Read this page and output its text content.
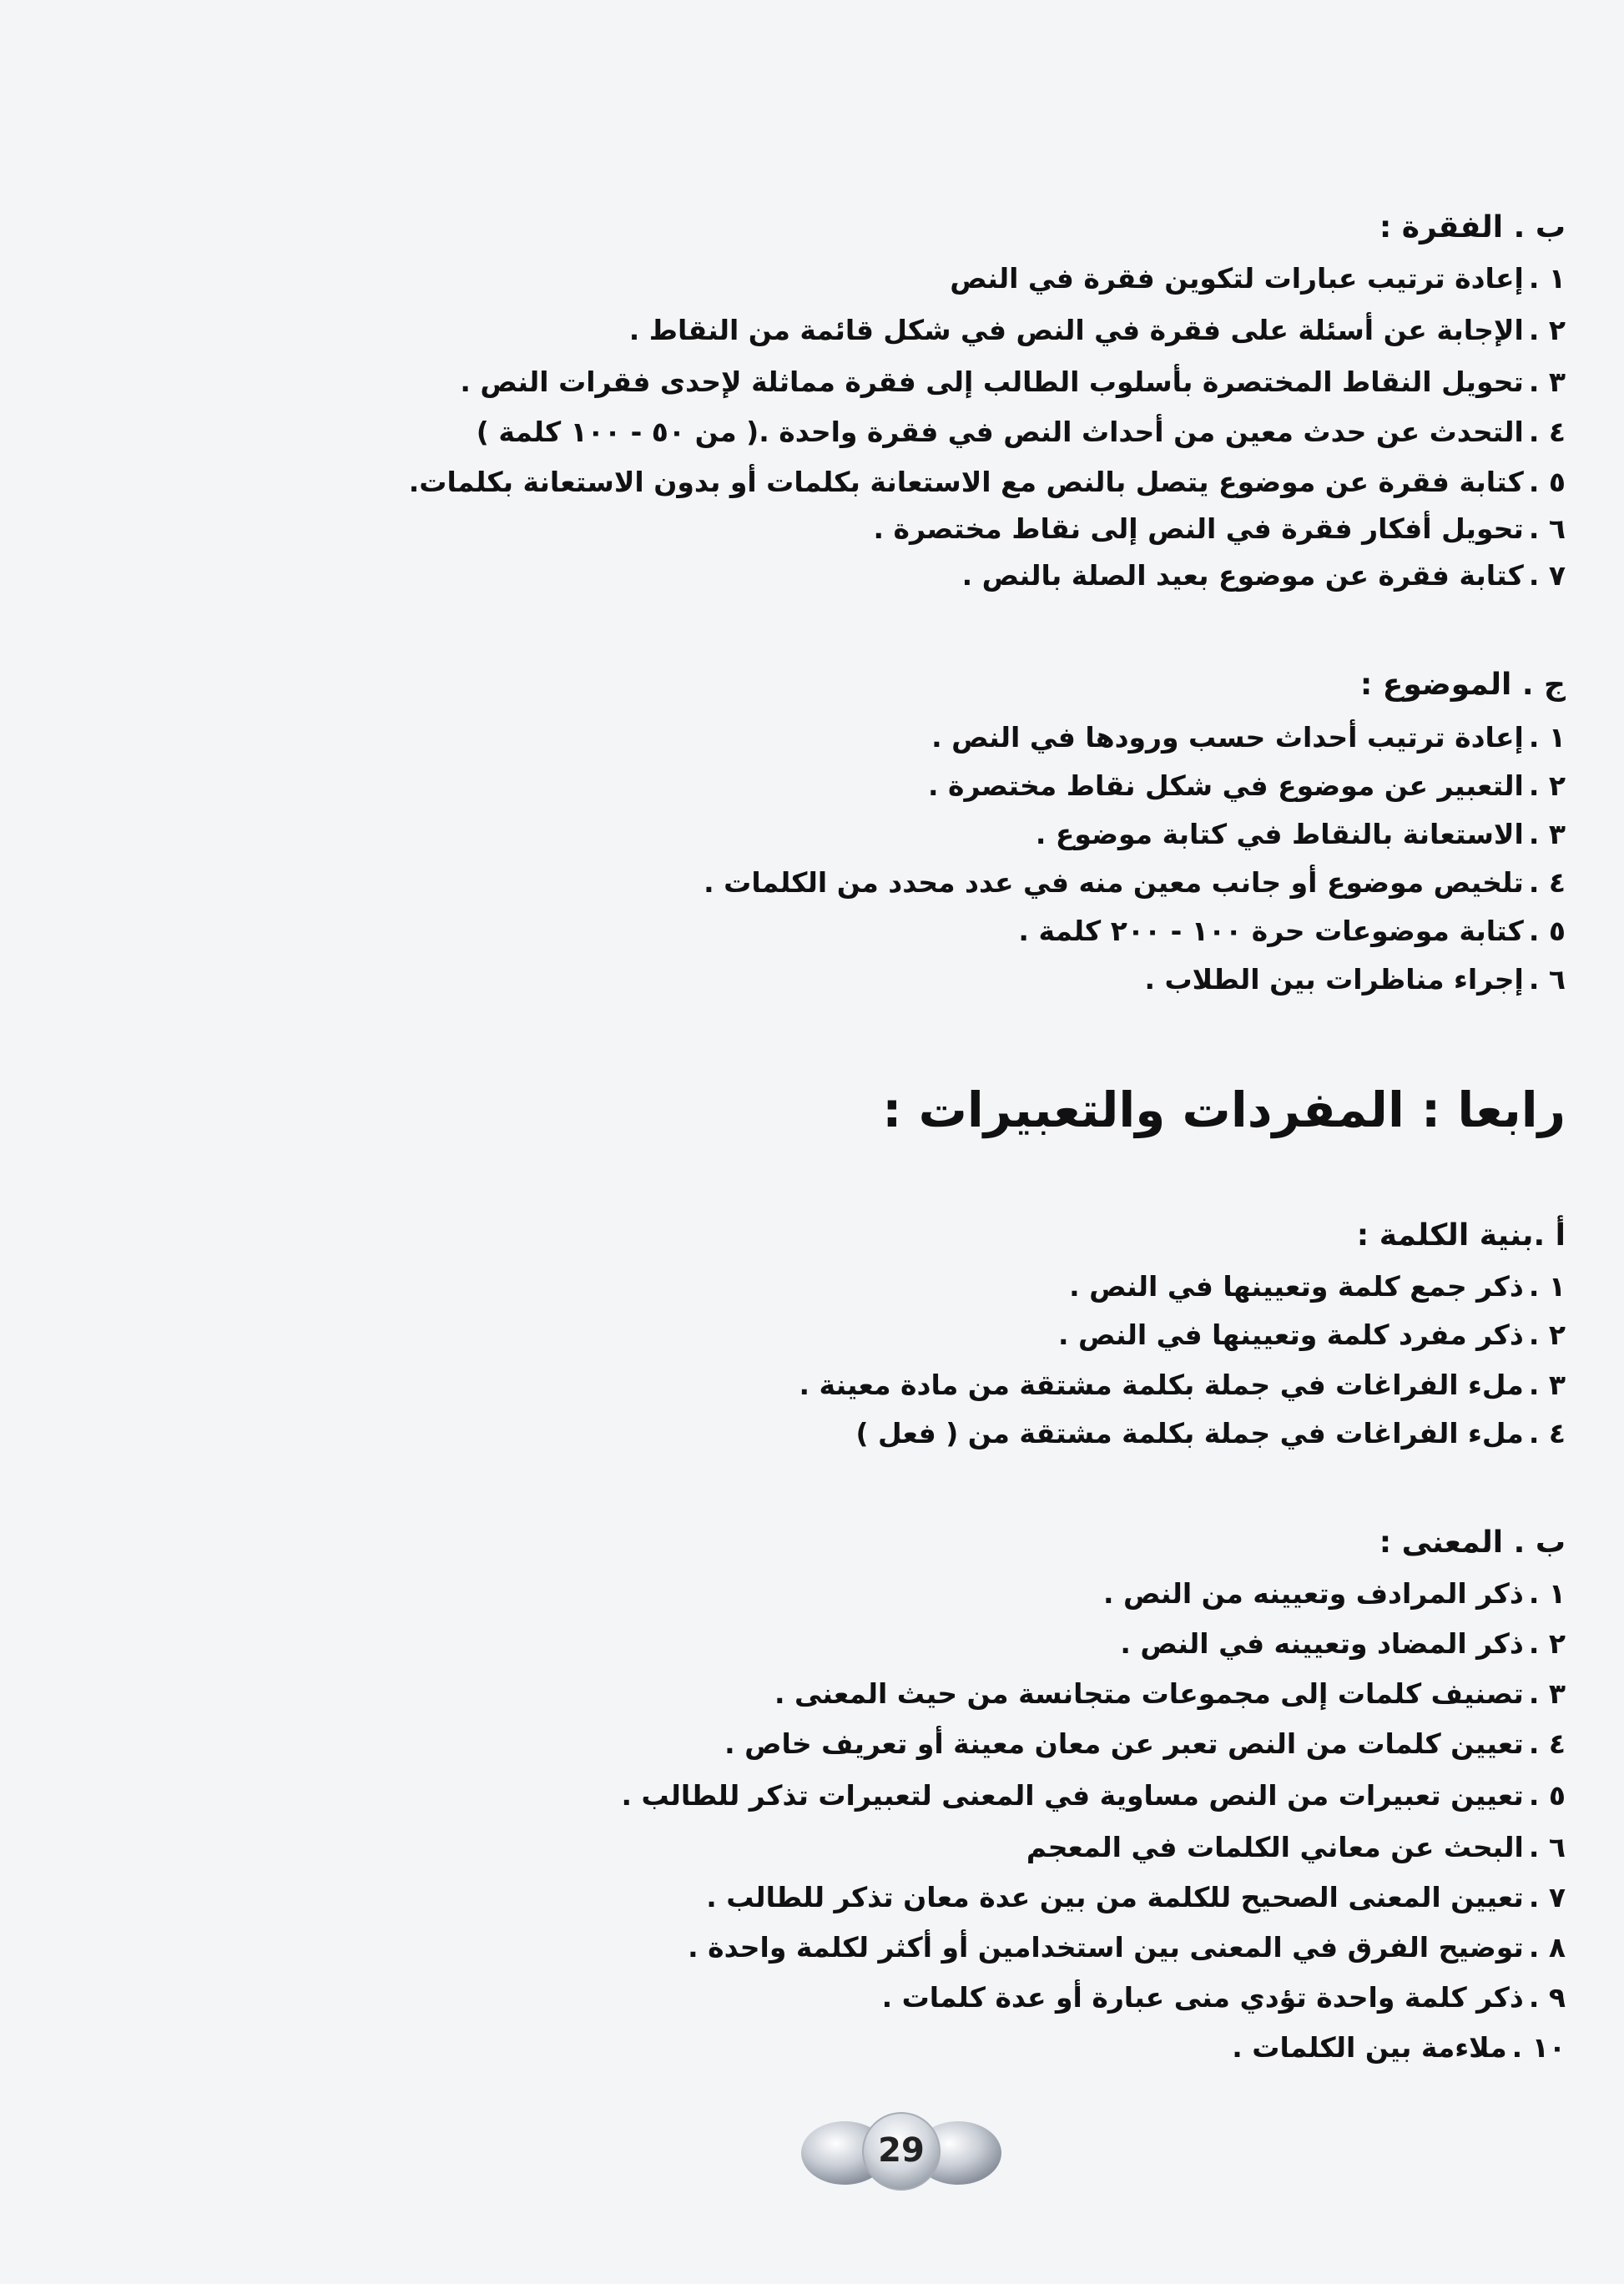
ب . الفقرة :
١ .إعادة ترتيب عبارات لتكوين فقرة في النص
٢ .الإجابة عن أسئلة على فقرة في النص في شكل قائمة من النقاط .
٣ .تحويل النقاط المختصرة بأسلوب الطالب إلى فقرة مماثلة لإحدى فقرات النص .
٤ .التحدث عن حدث معين من أحداث النص في فقرة واحدة .( من ٥٠ - ١٠٠ كلمة )
٥ .كتابة فقرة عن موضوع يتصل بالنص مع الاستعانة بكلمات أو بدون الاستعانة بكلمات.
٦ .تحويل أفكار فقرة في النص إلى نقاط مختصرة .
٧ .كتابة فقرة عن موضوع بعيد الصلة بالنص .
ج . الموضوع :
١ .إعادة ترتيب أحداث حسب ورودها في النص .
٢ .التعبير عن موضوع في شكل نقاط مختصرة .
٣ .الاستعانة بالنقاط في كتابة موضوع .
٤ .تلخيص موضوع أو جانب معين منه في عدد محدد من الكلمات .
٥ .كتابة موضوعات حرة ١٠٠ - ٢٠٠ كلمة .
٦ .إجراء مناظرات بين الطلاب .
رابعا : المفردات والتعبيرات :
أ .بنية الكلمة :
١ .ذكر جمع كلمة وتعيينها في النص .
٢ .ذكر مفرد كلمة وتعيينها في النص .
٣ .ملء الفراغات في جملة بكلمة مشتقة من مادة معينة .
٤ .ملء الفراغات في جملة بكلمة مشتقة من ( فعل )
ب . المعنى :
١ .ذكر المرادف وتعيينه من النص .
٢ .ذكر المضاد وتعيينه في النص .
٣ .تصنيف كلمات إلى مجموعات متجانسة من حيث المعنى .
٤ .تعيين كلمات من النص تعبر عن معان معينة أو تعريف خاص .
٥ .تعيين تعبيرات من النص مساوية في المعنى لتعبيرات تذكر للطالب .
٦ .البحث عن معاني الكلمات في المعجم
٧ .تعيين المعنى الصحيح للكلمة من بين عدة معان تذكر للطالب .
٨ .توضيح الفرق في المعنى بين استخدامين أو أكثر لكلمة واحدة .
٩ .ذكر كلمة واحدة تؤدي منى عبارة أو عدة كلمات .
١٠ .ملاءمة بين الكلمات .
29
